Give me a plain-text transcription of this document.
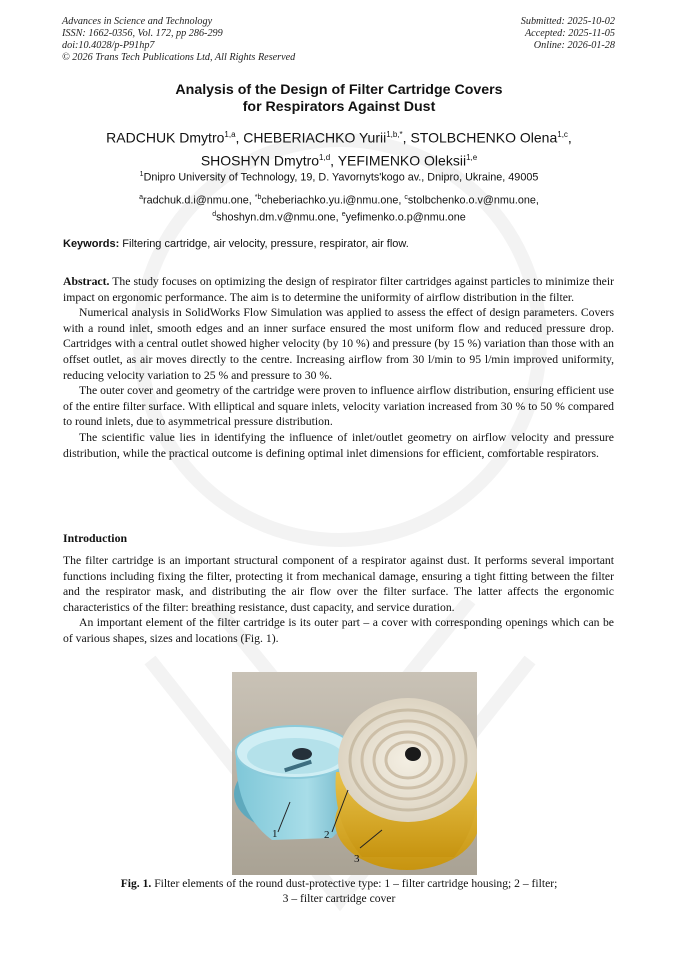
Advances in Science and Technology
ISSN: 1662-0356, Vol. 172, pp 286-299
doi:10.4028/p-P91hp7
© 2026 Trans Tech Publications Ltd, All Rights Reserved
Submitted: 2025-10-02
Accepted: 2025-11-05
Online: 2026-01-28
Analysis of the Design of Filter Cartridge Covers
for Respirators Against Dust
RADCHUK Dmytro$^{1,a}$, CHEBERIACHKO Yurii$^{1,b,*}$, STOLBCHENKO Olena$^{1,c}$,
SHOSHYN Dmytro$^{1,d}$, YEFIMENKO Oleksii$^{1,e}$
$^1$Dnipro University of Technology, 19, D. Yavornyts'kogo av., Dnipro, Ukraine, 49005
$^a$radchuk.d.i@nmu.one, $^{*b}$cheberiachko.yu.i@nmu.one, $^c$stolbchenko.o.v@nmu.one,
$^d$shoshyn.dm.v@nmu.one, $^e$yefimenko.o.p@nmu.one
Keywords: Filtering cartridge, air velocity, pressure, respirator, air flow.

Abstract. The study focuses on optimizing the design of respirator filter cartridges against particles to minimize their impact on ergonomic performance. The aim is to determine the uniformity of airflow distribution in the filter.

Numerical analysis in SolidWorks Flow Simulation was applied to assess the effect of design parameters. Covers with a round inlet, smooth edges and an inner surface ensured the most uniform flow and reduced pressure drop. Cartridges with a central outlet showed higher velocity (by 10 %) and pressure (by 15 %) variation than those with an offset outlet, as air moves directly to the centre. Increasing airflow from 30 l/min to 95 l/min improved uniformity, reducing velocity variation to 25 % and pressure to 30 %.

The outer cover and geometry of the cartridge were proven to influence airflow distribution, ensuring efficient use of the entire filter surface. With elliptical and square inlets, velocity variation increased from 30 % to 50 % compared to round inlets, due to asymmetrical pressure distribution.

The scientific value lies in identifying the influence of inlet/outlet geometry on airflow velocity and pressure distribution, while the practical outcome is defining optimal inlet dimensions for efficient, comfortable respirators.

Introduction

The filter cartridge is an important structural component of a respirator against dust. It performs several important functions including fixing the filter, protecting it from mechanical damage, ensuring a tight fitting between the filter and the respirator mask, and distributing the air flow over the filter surface. The latter affects the ergonomic characteristics of the filter: breathing resistance, dust capacity, and service duration.

An important element of the filter cartridge is its outer part – a cover with corresponding openings which can be of various shapes, sizes and locations (Fig. 1).

1	2
3
Fig. 1. Filter elements of the round dust-protective type: 1 – filter cartridge housing; 2 – filter;
3 – filter cartridge cover
